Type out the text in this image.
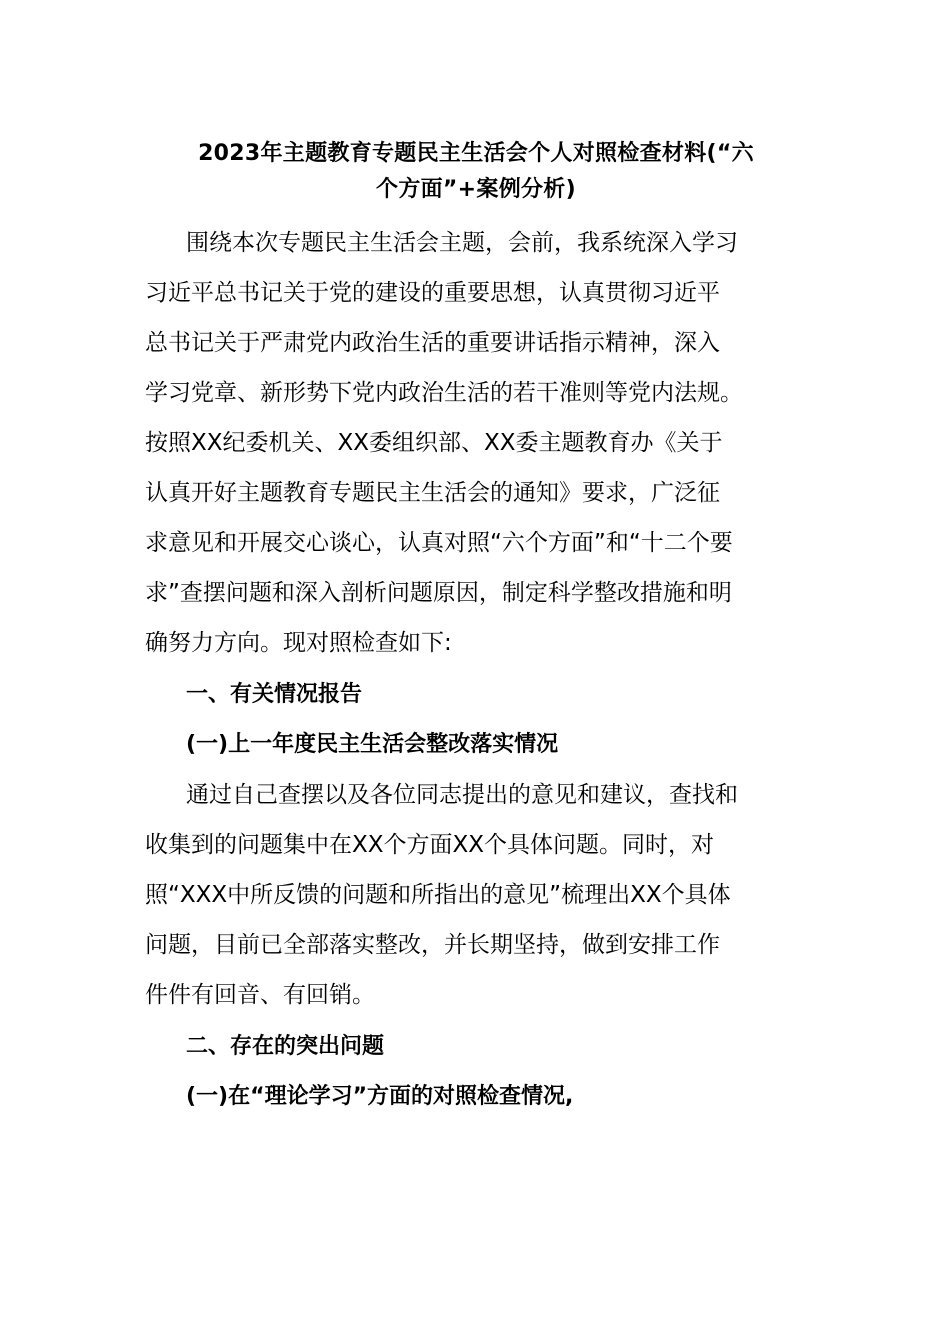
2023年主题教育专题民主生活会个人对照检查材料(“六
个方面”+案例分析)

围绕本次专题民主生活会主题，会前，我系统深入学习
习近平总书记关于党的建设的重要思想，认真贯彻习近平
总书记关于严肃党内政治生活的重要讲话指示精神，深入
学习党章、新形势下党内政治生活的若干准则等党内法规。
按照XX纪委机关、XX委组织部、XX委主题教育办《关于
认真开好主题教育专题民主生活会的通知》要求，广泛征
求意见和开展交心谈心，认真对照“六个方面”和“十二个要
求”查摆问题和深入剖析问题原因，制定科学整改措施和明
确努力方向。现对照检查如下:

一、有关情况报告
(一)上一年度民主生活会整改落实情况

通过自己查摆以及各位同志提出的意见和建议，查找和
收集到的问题集中在XX个方面XX个具体问题。同时，对
照“XXX中所反馈的问题和所指出的意见”梳理出XX个具体
问题，目前已全部落实整改，并长期坚持，做到安排工作
件件有回音、有回销。

二、存在的突出问题
(一)在“理论学习”方面的对照检查情况,
